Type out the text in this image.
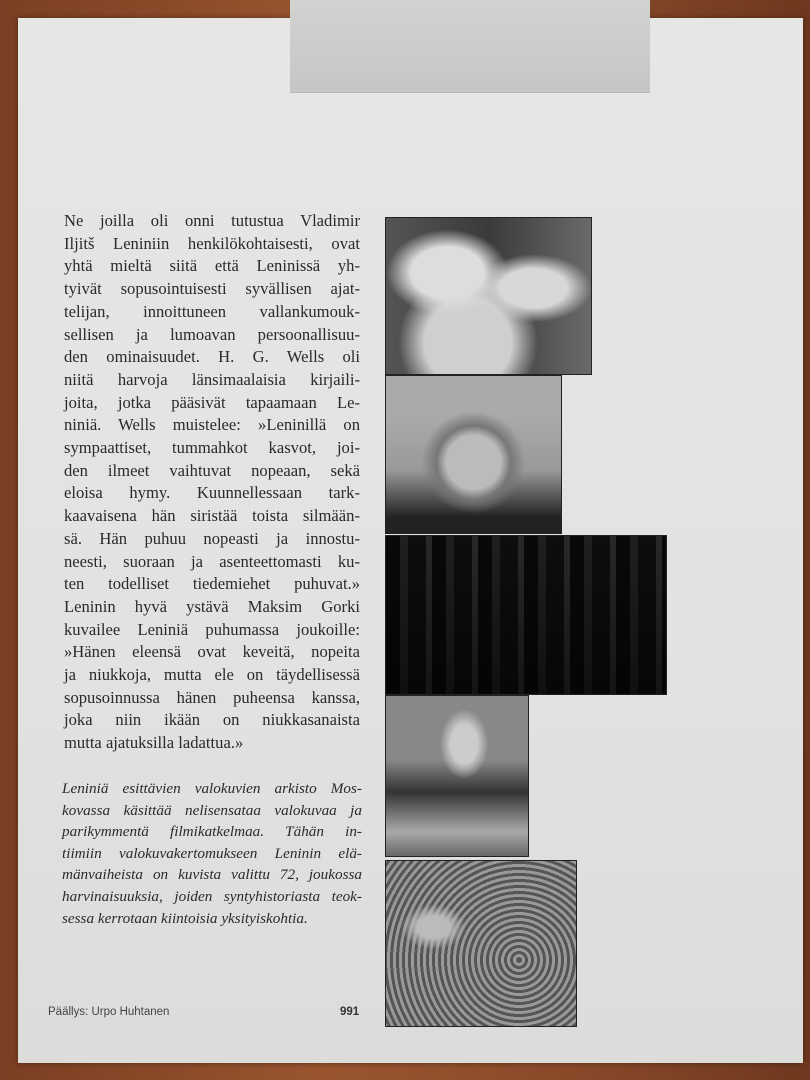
Ne joilla oli onni tutustua Vladimir
Iljitš Leniniin henkilökohtaisesti, ovat
yhtä mieltä siitä että Leninissä yh-
tyivät sopusointuisesti syvällisen ajat-
telijan, innoittuneen vallankumouk-
sellisen ja lumoavan persoonallisuu-
den ominaisuudet. H. G. Wells oli
niitä harvoja länsimaalaisia kirjaili-
joita, jotka pääsivät tapaamaan Le-
niniä. Wells muistelee: »Leninillä on
sympaattiset, tummahkot kasvot, joi-
den ilmeet vaihtuvat nopeaan, sekä
eloisa hymy. Kuunnellessaan tark-
kaavaisena hän siristää toista silmään-
sä. Hän puhuu nopeasti ja innostu-
neesti, suoraan ja asenteettomasti ku-
ten todelliset tiedemiehet puhuvat.»
Leninin hyvä ystävä Maksim Gorki
kuvailee Leniniä puhumassa joukoille:
»Hänen eleensä ovat keveitä, nopeita
ja niukkoja, mutta ele on täydellisessä
sopusoinnussa hänen puheensa kanssa,
joka niin ikään on niukkasanaista
mutta ajatuksilla ladattua.»
Leniniä esittävien valokuvien arkisto Mos-
kovassa käsittää nelisensataa valokuvaa ja
parikymmentä filmikatkelmaa. Tähän in-
tiimiin valokuvakertomukseen Leninin elä-
mänvaiheista on kuvista valittu 72, joukossa
harvinaisuuksia, joiden syntyhistoriasta teok-
sessa kerrotaan kiintoisia yksityiskohtia.
Päällys: Urpo Huhtanen	991
